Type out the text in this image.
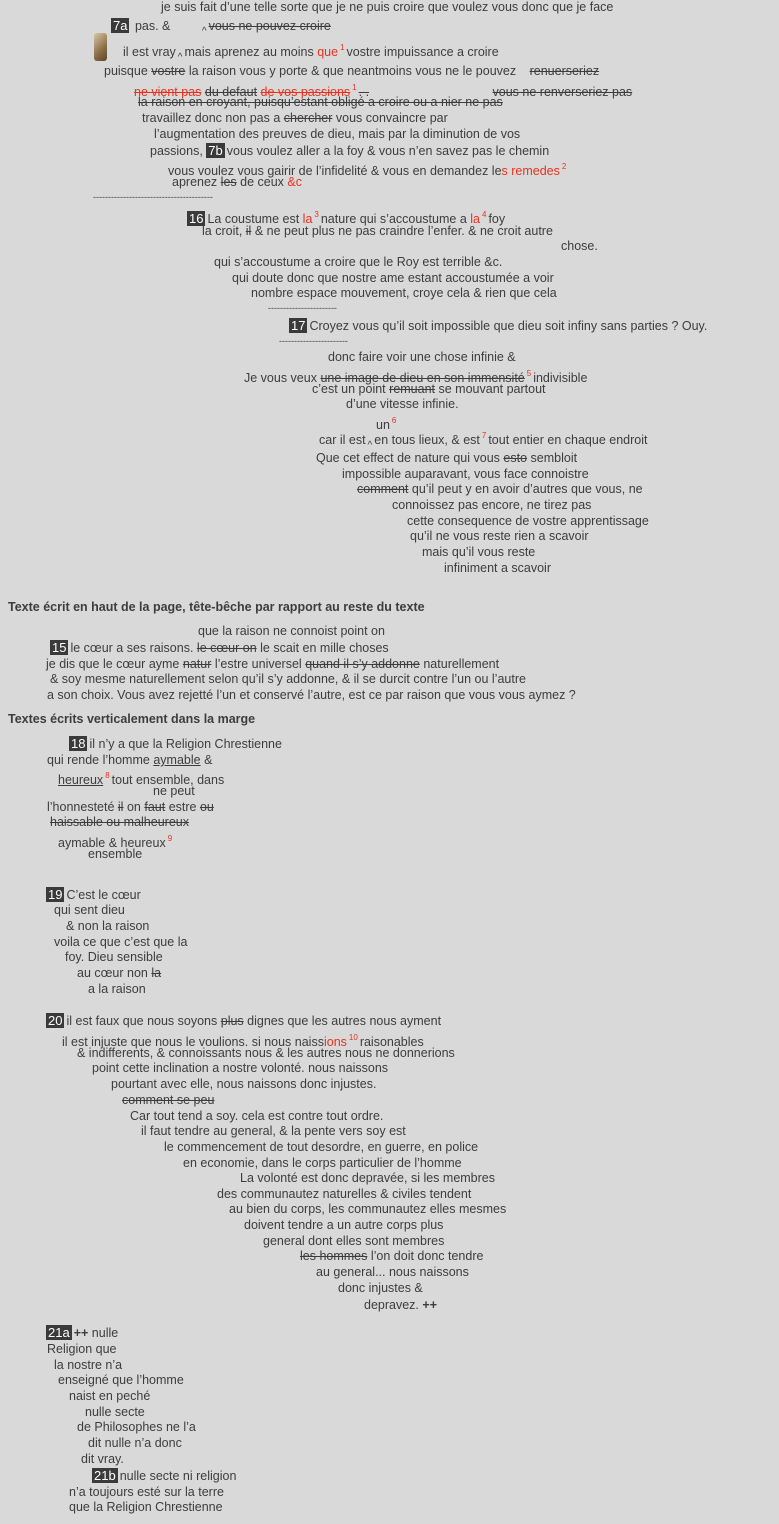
je suis fait d’une telle sorte que je ne puis croire que voulez vous donc que je face
7a pas. &	$_{\^{}}$ vous ne pouvez croire
il est vray $_{\^{}}$ mais aprenez au moins que $^1$ vostre impuissance a croire
puisque vostre la raison vous y porte & que neantmoins vous ne le pouvez renuerseriez
ne vient pas du defaut de vos passions $^1$ . .	vous ne renverseriez pas
la raison en croyant, puisqu’estant obligé a croire ou a nier ne pas
travaillez donc non pas a chercher vous convaincre par
l’augmentation des preuves de dieu, mais par la diminution de vos
passions, 7b vous voulez aller a la foy & vous n’en savez pas le chemin
vous voulez vous gairir de l’infidelité & vous en demandez les remedes $^2$
aprenez les de ceux &c
----------------------------------------
16 La coustume est la $^3$ nature qui s’accoustume a la $^4$ foy
la croit, il & ne peut plus ne pas craindre l’enfer. & ne croit autre
chose.
qui s’accoustume a croire que le Roy est terrible &c.
qui doute donc que nostre ame estant accoustumée a voir
nombre espace mouvement, croye cela & rien que cela
-----------------------
17 Croyez vous qu’il soit impossible que dieu soit infiny sans parties ? Ouy.
-----------------------
donc faire voir une chose infinie &
Je vous veux une image de dieu en son immensité $^5$ indivisible
c’est un point remuant se mouvant partout
d’une vitesse infinie.
un $^6$
car il est $_{\^{}}$ en tous lieux, & est $^7$ tout entier en chaque endroit
Que cet effect de nature qui vous esto sembloit
impossible auparavant, vous face connoistre
comment qu’il peut y en avoir d’autres que vous, ne
connoissez pas encore, ne tirez pas
cette consequence de vostre apprentissage
qu’il ne vous reste rien a scavoir
mais qu’il vous reste
infiniment a scavoir
Texte écrit en haut de la page, tête-bêche par rapport au reste du texte
que la raison ne connoist point on
15 le cœur a ses raisons. le cœur on le scait en mille choses
je dis que le cœur ayme natur l’estre universel quand il s’y addonne naturellement
& soy mesme naturellement selon qu’il s’y addonne, & il se durcit contre l’un ou l’autre
a son choix. Vous avez rejetté l’un et conservé l’autre, est ce par raison que vous vous aymez ?
Textes écrits verticalement dans la marge
18 il n’y a que la Religion Chrestienne
qui rende l’homme aymable &
heureux $^8$ tout ensemble, dans
ne peut
l’honnesteté il on faut estre ou
haissable ou malheureux
aymable & heureux $^9$
ensemble
19 C’est le cœur
qui sent dieu
& non la raison
voila ce que c’est que la
foy. Dieu sensible
au cœur non la
a la raison
20 il est faux que nous soyons plus dignes que les autres nous ayment
il est injuste que nous le voulions. si nous naissions $^{10}$ raisonables
& indifferents, & connoissants nous & les autres nous ne donnerions
point cette inclination a nostre volonté. nous naissons
pourtant avec elle, nous naissons donc injustes.
comment se peu
Car tout tend a soy. cela est contre tout ordre.
il faut tendre au general, & la pente vers soy est
le commencement de tout desordre, en guerre, en police
en economie, dans le corps particulier de l’homme
La volonté est donc depravée, si les membres
des communautez naturelles & civiles tendent
au bien du corps, les communautez elles mesmes
doivent tendre a un autre corps plus
general dont elles sont membres
les hommes l’on doit donc tendre
au general... nous naissons
donc injustes &
depravez. ++
21a ++ nulle
Religion que
la nostre n’a
enseigné que l’homme
naist en peché
nulle secte
de Philosophes ne l’a
dit nulle n’a donc
dit vray.
21b nulle secte ni religion
n’a toujours esté sur la terre
que la Religion Chrestienne
